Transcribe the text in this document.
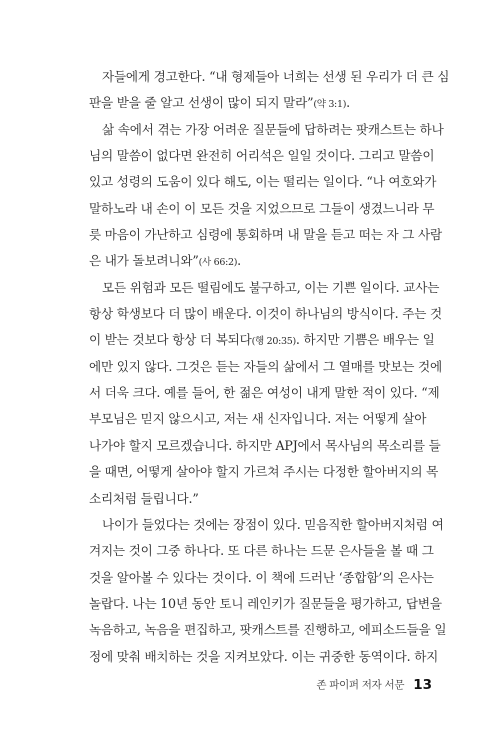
자들에게 경고한다. “내 형제들아 너희는 선생 된 우리가 더 큰 심
판을 받을 줄 알고 선생이 많이 되지 말라”(약 3:1).
삶 속에서 겪는 가장 어려운 질문들에 답하려는 팟캐스트는 하나
님의 말씀이 없다면 완전히 어리석은 일일 것이다. 그리고 말씀이
있고 성령의 도움이 있다 해도, 이는 떨리는 일이다. “나 여호와가
말하노라 내 손이 이 모든 것을 지었으므로 그들이 생겼느니라 무
릇 마음이 가난하고 심령에 통회하며 내 말을 듣고 떠는 자 그 사람
은 내가 돌보려니와”(사 66:2).
모든 위험과 모든 떨림에도 불구하고, 이는 기쁜 일이다. 교사는
항상 학생보다 더 많이 배운다. 이것이 하나님의 방식이다. 주는 것
이 받는 것보다 항상 더 복되다(행 20:35). 하지만 기쁨은 배우는 일
에만 있지 않다. 그것은 듣는 자들의 삶에서 그 열매를 맛보는 것에
서 더욱 크다. 예를 들어, 한 젊은 여성이 내게 말한 적이 있다. “제
부모님은 믿지 않으시고, 저는 새 신자입니다. 저는 어떻게 살아
나가야 할지 모르겠습니다. 하지만 APJ에서 목사님의 목소리를 들
을 때면, 어떻게 살아야 할지 가르쳐 주시는 다정한 할아버지의 목
소리처럼 들립니다.”
나이가 들었다는 것에는 장점이 있다. 믿음직한 할아버지처럼 여
겨지는 것이 그중 하나다. 또 다른 하나는 드문 은사들을 볼 때 그
것을 알아볼 수 있다는 것이다. 이 책에 드러난 ‘종합함’의 은사는
놀랍다. 나는 10년 동안 토니 레인키가 질문들을 평가하고, 답변을
녹음하고, 녹음을 편집하고, 팟캐스트를 진행하고, 에피소드들을 일
정에 맞춰 배치하는 것을 지켜보았다. 이는 귀중한 동역이다. 하지
존 파이퍼 저자 서문 13
